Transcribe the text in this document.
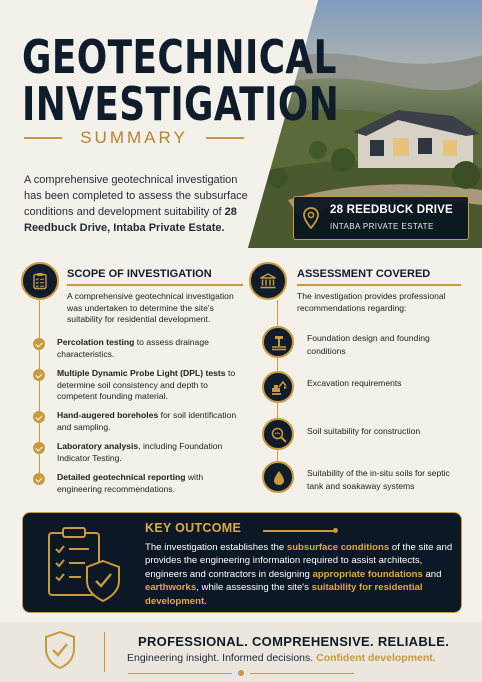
28 REEDBUCK DRIVE
INTABA PRIVATE ESTATE
GEOTECHNICAL
INVESTIGATION
SUMMARY
A comprehensive geotechnical investigation has been completed to assess the subsurface conditions and development suitability of 28 Reedbuck Drive, Intaba Private Estate.
SCOPE OF INVESTIGATION
A comprehensive geotechnical investigation was undertaken to determine the site's suitability for residential development.
Percolation testing to assess drainage characteristics.
Multiple Dynamic Probe Light (DPL) tests to determine soil consistency and depth to competent founding material.
Hand-augered boreholes for soil identification and sampling.
Laboratory analysis, including Foundation Indicator Testing.
Detailed geotechnical reporting with engineering recommendations.
ASSESSMENT COVERED
The investigation provides professional recommendations regarding:
Foundation design and founding conditions
Excavation requirements
Soil suitability for construction
Suitability of the in-situ soils for septic tank and soakaway systems
KEY OUTCOME
The investigation establishes the subsurface conditions of the site and provides the engineering information required to assist architects, engineers and contractors in designing appropriate foundations and earthworks, while assessing the site's suitability for residential development.
PROFESSIONAL. COMPREHENSIVE. RELIABLE.
Engineering insight. Informed decisions. Confident development.
